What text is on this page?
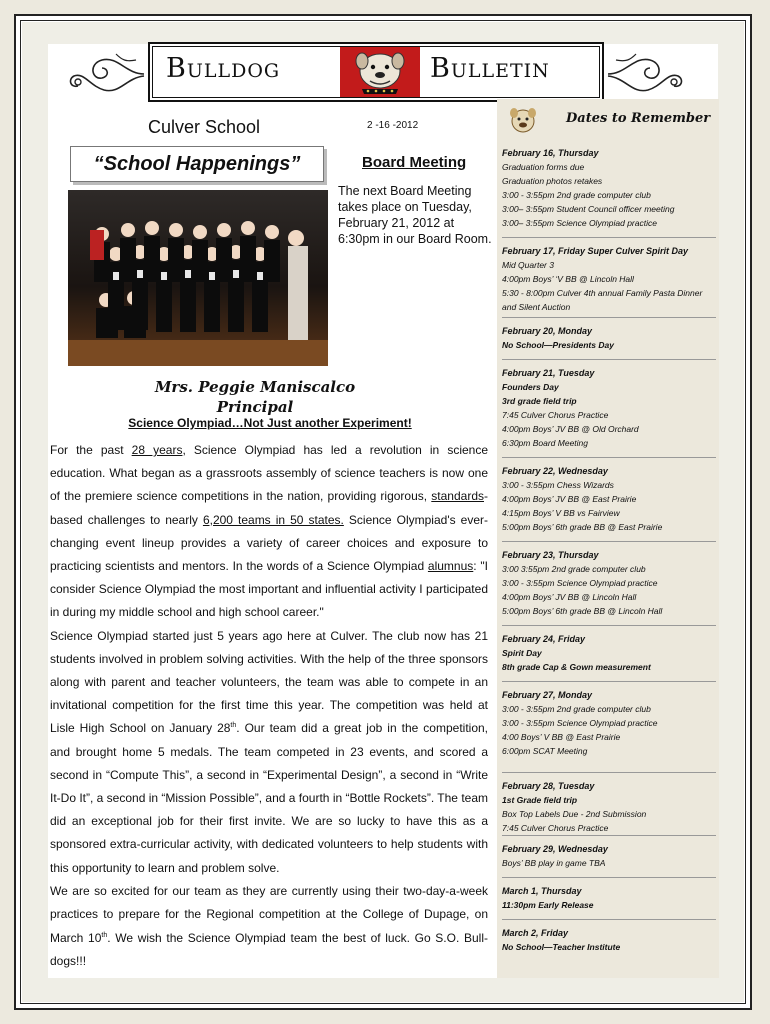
Bulldog	Bulletin
Culver School	2 -16 -2012
“School Happenings”	Board Meeting
The next Board Meeting takes place on Tuesday, February 21, 2012 at 6:30pm in our Board Room.
Mrs. Peggie Maniscalco
Principal
Science Olympiad…Not Just another Experiment!

For the past 28 years, Science Olympiad has led a revolution in science education. What began as a grassroots assembly of science teachers is now one of the premiere science competitions in the nation, providing rigorous, standards-based challenges to nearly 6,200 teams in 50 states. Science Olympiad's ever-changing event lineup provides a variety of career choices and exposure to practicing scientists and mentors. In the words of a Science Olympiad alumnus: "I consider Science Olympiad the most important and influential activity I participated in during my middle school and high school career."

Science Olympiad started just 5 years ago here at Culver. The club now has 21 students involved in problem solving activities. With the help of the three sponsors along with parent and teacher volunteers, the team was able to compete in an invitational competition for the first time this year. The competition was held at Lisle High School on January 28th. Our team did a great job in the competition, and brought home 5 medals. The team competed in 23 events, and scored a second in “Compute This”, a second in “Experimental Design”, a second in “Write It-Do It”, a second in “Mission Possible”, and a fourth in “Bottle Rockets”. The team did an exceptional job for their first invite. We are so lucky to have this as a sponsored extra-curricular activity, with dedicated volunteers to help students with this opportunity to learn and problem solve.

We are so excited for our team as they are currently using their two-day-a-week practices to prepare for the Regional competition at the College of Dupage, on March 10th. We wish the Science Olympiad team the best of luck. Go S.O. Bull-dogs!!!

Dates to Remember
February 16, Thursday
Graduation forms due
Graduation photos retakes
3:00 - 3:55pm 2nd grade computer club
3:00– 3:55pm Student Council officer meeting
3:00– 3:55pm Science Olympiad practice
February 17, Friday Super Culver Spirit Day
Mid Quarter 3
4:00pm Boys’ ‘V BB @ Lincoln Hall
5:30 - 8:00pm Culver 4th annual Family Pasta Dinner and Silent Auction
February 20, Monday
No School—Presidents Day
February 21, Tuesday
Founders Day
3rd grade field trip
7:45 Culver Chorus Practice
4:00pm Boys’ JV BB @ Old Orchard
6:30pm Board Meeting
February 22, Wednesday
3:00 - 3:55pm Chess Wizards
4:00pm Boys’ JV BB @ East Prairie
4:15pm Boys’ V BB vs Fairview
5:00pm Boys’ 6th grade BB @ East Prairie
February 23, Thursday
3:00 3:55pm 2nd grade computer club
3:00 - 3:55pm Science Olympiad practice
4:00pm Boys’ JV BB @ Lincoln Hall
5:00pm Boys’ 6th grade BB @ Lincoln Hall
February 24, Friday
Spirit Day
8th grade Cap & Gown measurement
February 27, Monday
3:00 - 3:55pm 2nd grade computer club
3:00 - 3:55pm Science Olympiad practice
4:00 Boys’ V BB @ East Prairie
6:00pm SCAT Meeting
February 28, Tuesday
1st Grade field trip
Box Top Labels Due - 2nd Submission
7:45 Culver Chorus Practice
February 29, Wednesday
Boys’ BB play in game TBA
March 1, Thursday
11:30pm Early Release
March 2, Friday
No School—Teacher Institute
